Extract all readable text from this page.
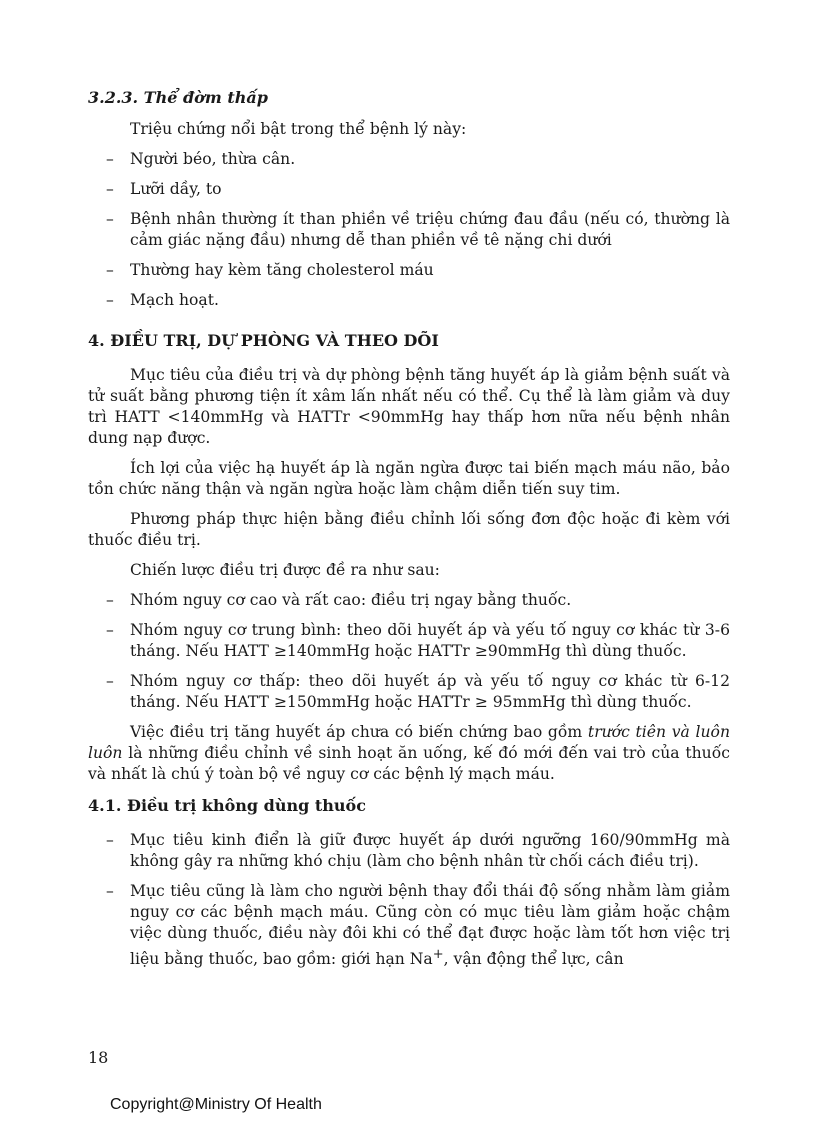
3.2.3. Thể đờm thấp

Triệu chứng nổi bật trong thể bệnh lý này:

– Người béo, thừa cân.
– Lưỡi dầy, to
– Bệnh nhân thường ít than phiền về triệu chứng đau đầu (nếu có, thường là cảm giác nặng đầu) nhưng dễ than phiền về tê nặng chi dưới
– Thường hay kèm tăng cholesterol máu
– Mạch hoạt.
4. ĐIỀU TRỊ, DỰ PHÒNG VÀ THEO DÕI

Mục tiêu của điều trị và dự phòng bệnh tăng huyết áp là giảm bệnh suất và tử suất bằng phương tiện ít xâm lấn nhất nếu có thể. Cụ thể là làm giảm và duy trì HATT <140mmHg và HATTr <90mmHg hay thấp hơn nữa nếu bệnh nhân dung nạp được.

Ích lợi của việc hạ huyết áp là ngăn ngừa được tai biến mạch máu não, bảo tồn chức năng thận và ngăn ngừa hoặc làm chậm diễn tiến suy tim.

Phương pháp thực hiện bằng điều chỉnh lối sống đơn độc hoặc đi kèm với thuốc điều trị.

Chiến lược điều trị được đề ra như sau:

– Nhóm nguy cơ cao và rất cao: điều trị ngay bằng thuốc.
– Nhóm nguy cơ trung bình: theo dõi huyết áp và yếu tố nguy cơ khác từ 3-6 tháng. Nếu HATT ≥140mmHg hoặc HATTr ≥90mmHg thì dùng thuốc.
– Nhóm nguy cơ thấp: theo dõi huyết áp và yếu tố nguy cơ khác từ 6-12 tháng. Nếu HATT ≥150mmHg hoặc HATTr ≥ 95mmHg thì dùng thuốc.

Việc điều trị tăng huyết áp chưa có biến chứng bao gồm trước tiên và luôn luôn là những điều chỉnh về sinh hoạt ăn uống, kế đó mới đến vai trò của thuốc và nhất là chú ý toàn bộ về nguy cơ các bệnh lý mạch máu.

4.1. Điều trị không dùng thuốc
– Mục tiêu kinh điển là giữ được huyết áp dưới ngưỡng 160/90mmHg mà không gây ra những khó chịu (làm cho bệnh nhân từ chối cách điều trị).
– Mục tiêu cũng là làm cho người bệnh thay đổi thái độ sống nhằm làm giảm nguy cơ các bệnh mạch máu. Cũng còn có mục tiêu làm giảm hoặc chậm việc dùng thuốc, điều này đôi khi có thể đạt được hoặc làm tốt hơn việc trị liệu bằng thuốc, bao gồm: giới hạn Na+, vận động thể lực, cân
18
Copyright@Ministry Of Health
